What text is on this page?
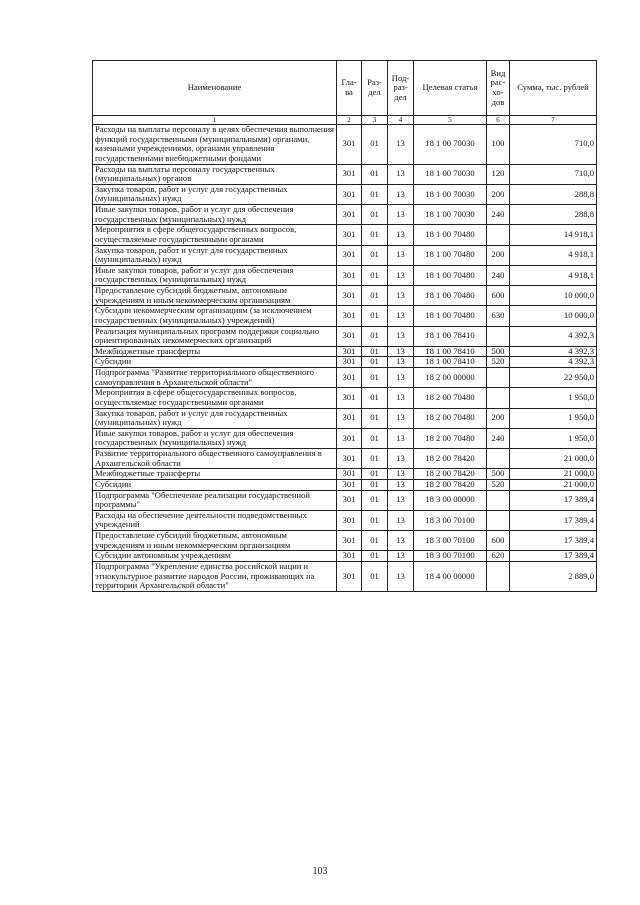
Наименование	Гла-ва	Раз-дел	Под-раз-дел	Целевая статья	Вид рас-хо-дов	Сумма, тыс. рублей
1	2	3	4	5	6	7
Расходы на выплаты персоналу в целях обеспечения выполнения функций государственными (муниципальными) органами, казенными учреждениями, органами управления государственными внебюджетными фондами	301	01	13	18 1 00 70030	100	710,0
Расходы на выплаты персоналу государственных (муниципальных) органов	301	01	13	18 1 00 70030	120	710,0
Закупка товаров, работ и услуг для государственных (муниципальных) нужд	301	01	13	18 1 00 70030	200	288,8
Иные закупки товаров, работ и услуг для обеспечения государственных (муниципальных) нужд	301	01	13	18 1 00 70030	240	288,8
Мероприятия в сфере общегосударственных вопросов, осуществляемые государственными органами	301	01	13	18 1 00 70480		14 918,1
Закупка товаров, работ и услуг для государственных (муниципальных) нужд	301	01	13	18 1 00 70480	200	4 918,1
Иные закупки товаров, работ и услуг для обеспечения государственных (муниципальных) нужд	301	01	13	18 1 00 70480	240	4 918,1
Предоставление субсидий бюджетным, автономным учреждениям и иным некоммерческим организациям	301	01	13	18 1 00 70480	600	10 000,0
Субсидии некоммерческим организациям (за исключением государственных (муниципальных) учреждений)	301	01	13	18 1 00 70480	630	10 000,0
Реализация муниципальных программ поддержки социально ориентированных некоммерческих организаций	301	01	13	18 1 00 78410		4 392,3
Межбюджетные трансферты	301	01	13	18 1 00 78410	500	4 392,3
Субсидии	301	01	13	18 1 00 78410	520	4 392,3
Подпрограмма "Развитие территориального общественного самоуправления в Архангельской области"	301	01	13	18 2 00 00000		22 950,0
Мероприятия в сфере общегосударственных вопросов, осуществляемые государственными органами	301	01	13	18 2 00 70480		1 950,0
Закупка товаров, работ и услуг для государственных (муниципальных) нужд	301	01	13	18 2 00 70480	200	1 950,0
Иные закупки товаров, работ и услуг для обеспечения государственных (муниципальных) нужд	301	01	13	18 2 00 70480	240	1 950,0
Развитие территориального общественного самоуправления в Архангельской области	301	01	13	18 2 00 78420		21 000,0
Межбюджетные трансферты	301	01	13	18 2 00 78420	500	21 000,0
Субсидии	301	01	13	18 2 00 78420	520	21 000,0
Подпрограмма "Обеспечение реализации государственной программы"	301	01	13	18 3 00 00000		17 389,4
Расходы на обеспечение деятельности подведомственных учреждений	301	01	13	18 3 00 70100		17 389,4
Предоставление субсидий бюджетным, автономным учреждениям и иным некоммерческим организациям	301	01	13	18 3 00 70100	600	17 389,4
Субсидии автономным учреждениям	301	01	13	18 3 00 70100	620	17 389,4
Подпрограмма "Укрепление единства российской нации и этнокультурное развитие народов России, проживающих на территории Архангельской области"	301	01	13	18 4 00 00000		2 889,0
103
